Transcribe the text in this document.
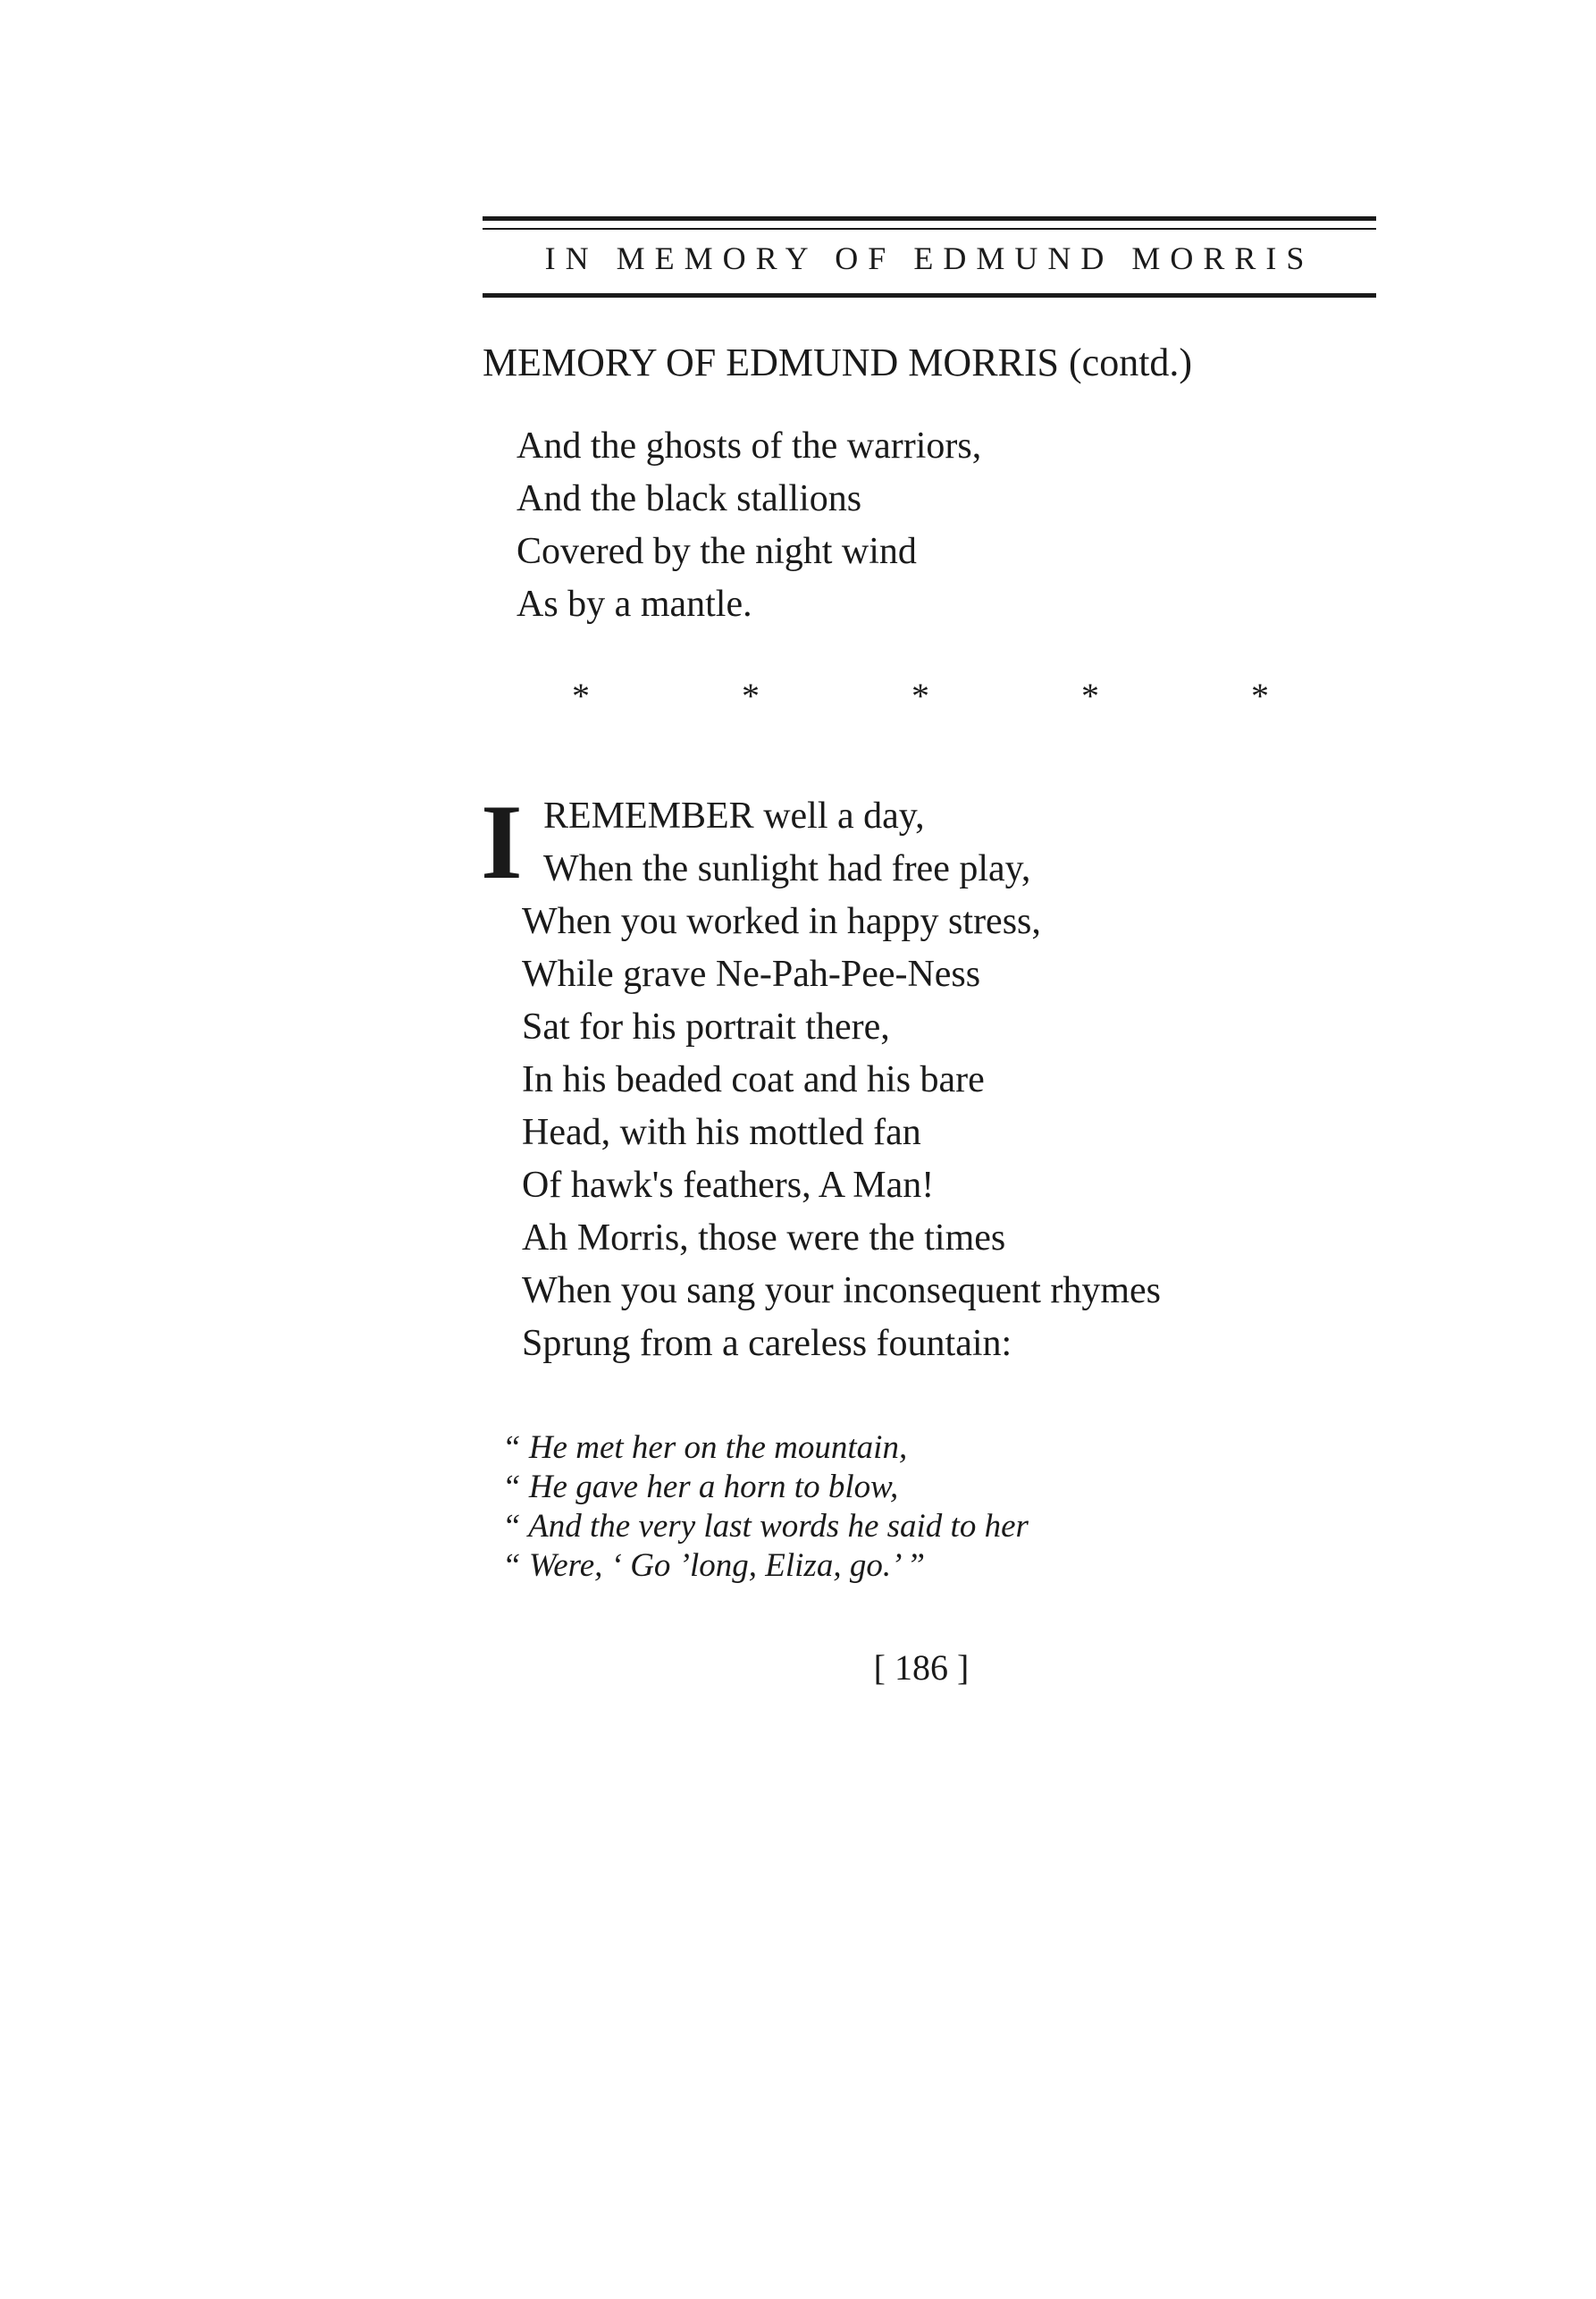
IN MEMORY OF EDMUND MORRIS
MEMORY OF EDMUND MORRIS (contd.)
And the ghosts of the warriors,
And the black stallions
Covered by the night wind
As by a mantle.
*	*	*	*	*
I REMEMBER well a day,
When the sunlight had free play,
When you worked in happy stress,
While grave Ne-Pah-Pee-Ness
Sat for his portrait there,
In his beaded coat and his bare
Head, with his mottled fan
Of hawk's feathers, A Man!
Ah Morris, those were the times
When you sang your inconsequent rhymes
Sprung from a careless fountain:
“ He met her on the mountain,
“ He gave her a horn to blow,
“ And the very last words he said to her
“ Were, ‘ Go ’long, Eliza, go.’ ”
[ 186 ]
